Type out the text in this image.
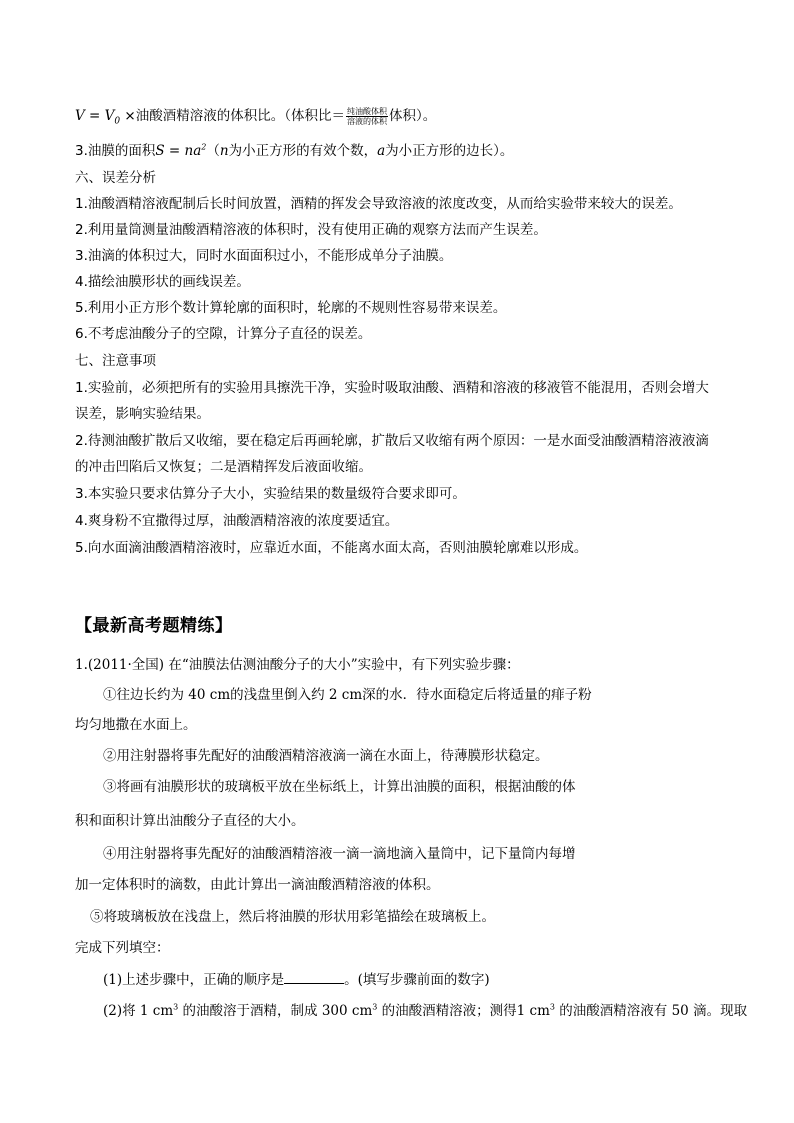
$V = V_0$ ×油酸酒精溶液的体积比。（体积比＝ $\frac{\text{纯油酸体积}}{\text{溶液的体积}}$ 体积）。
3.油膜的面积$S = na^2(n$为小正方形的有效个数，a为小正方形的边长）。
六、误差分析
1.油酸酒精溶液配制后长时间放置，酒精的挥发会导致溶液的浓度改变，从而给实验带来较大的误差。
2.利用量筒测量油酸酒精溶液的体积时，没有使用正确的观察方法而产生误差。
3.油滴的体积过大，同时水面面积过小，不能形成单分子油膜。
4.描绘油膜形状的画线误差。
5.利用小正方形个数计算轮廓的面积时，轮廓的不规则性容易带来误差。
6.不考虑油酸分子的空隙，计算分子直径的误差。
七、注意事项
1.实验前，必须把所有的实验用具擦洗干净，实验时吸取油酸、酒精和溶液的移液管不能混用，否则会增大
误差，影响实验结果。
2.待测油酸扩散后又收缩，要在稳定后再画轮廓，扩散后又收缩有两个原因：一是水面受油酸酒精溶液液滴
的冲击凹陷后又恢复；二是酒精挥发后液面收缩。
3.本实验只要求估算分子大小，实验结果的数量级符合要求即可。
4.爽身粉不宜撒得过厚，油酸酒精溶液的浓度要适宜。
5.向水面滴油酸酒精溶液时，应靠近水面，不能离水面太高，否则油膜轮廓难以形成。
【最新高考题精练】
1.(2011·全国) 在“油膜法估测油酸分子的大小”实验中，有下列实验步骤：
①往边长约为 40 cm的浅盘里倒入约 2 cm深的水．待水面稳定后将适量的痱子粉
均匀地撒在水面上。
②用注射器将事先配好的油酸酒精溶液滴一滴在水面上，待薄膜形状稳定。
③将画有油膜形状的玻璃板平放在坐标纸上，计算出油膜的面积，根据油酸的体
积和面积计算出油酸分子直径的大小。
④用注射器将事先配好的油酸酒精溶液一滴一滴地滴入量筒中，记下量筒内每增
加一定体积时的滴数，由此计算出一滴油酸酒精溶液的体积。
⑤将玻璃板放在浅盘上，然后将油膜的形状用彩笔描绘在玻璃板上。
完成下列填空：
(1)上述步骤中，正确的顺序是	。(填写步骤前面的数字)
(2)将 1 $cm^3$ 的油酸溶于酒精，制成 300 $cm^3$ 的油酸酒精溶液；测得1 $cm^3$ 的油酸酒精溶液有 50 滴。现取
